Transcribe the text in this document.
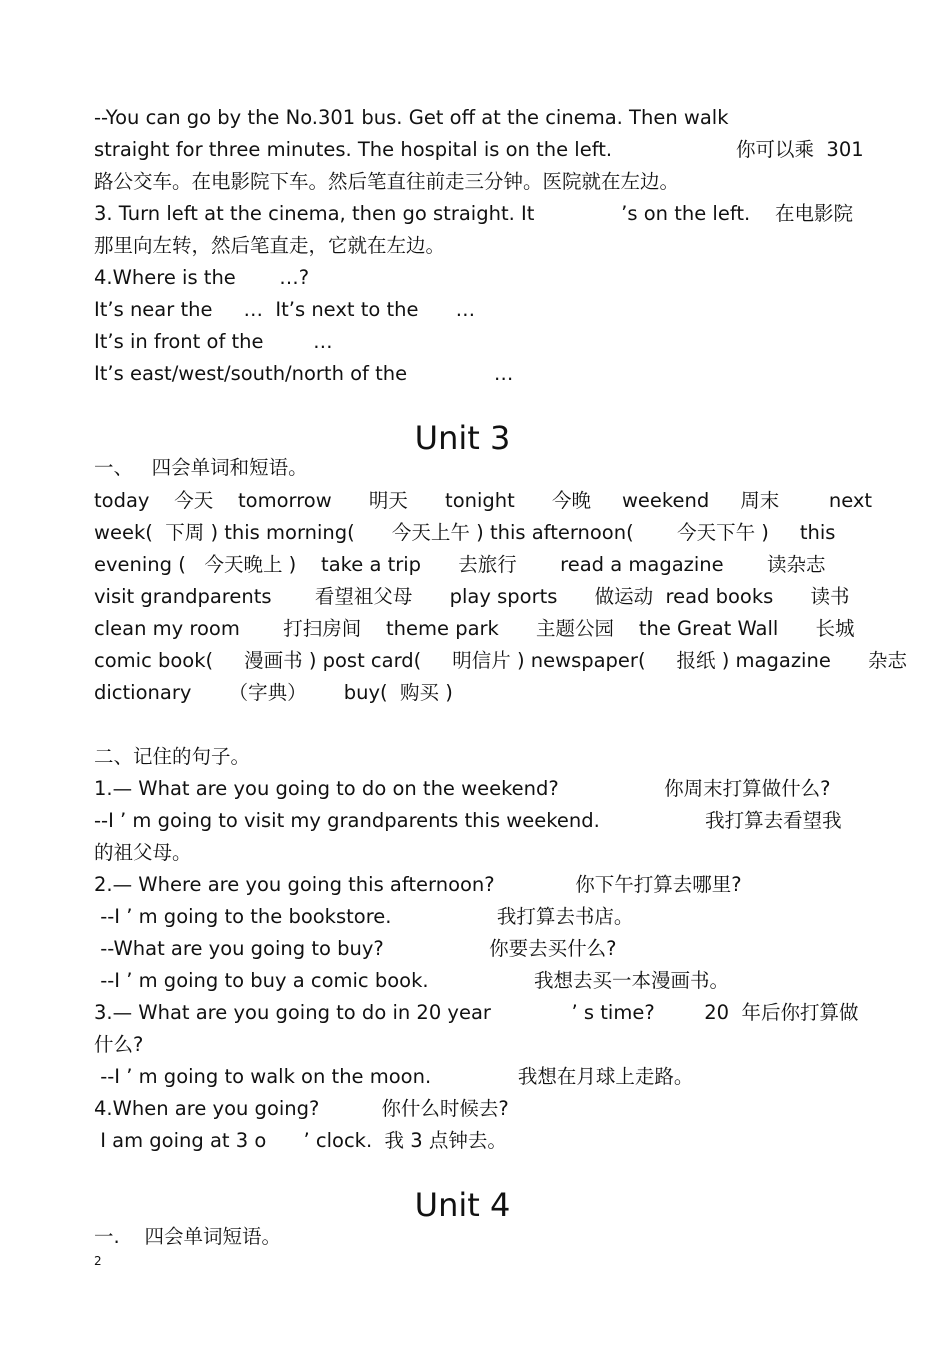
--You can go by the No.301 bus. Get off at the cinema. Then walk
straight for three minutes. The hospital is on the left.                    你可以乘  301
路公交车。在电影院下车。然后笔直往前走三分钟。医院就在左边。
3. Turn left at the cinema, then go straight. It              ’s on the left.    在电影院
那里向左转，然后笔直走，它就在左边。
4.Where is the       …?
It’s near the     …  It’s next to the      …
It’s in front of the        …
It’s east/west/south/north of the              …
Unit 3
一、   四会单词和短语。
today    今天    tomorrow      明天      tonight      今晚     weekend     周末        next
week(  下周 ) this morning(      今天上午 ) this afternoon(       今天下午 )     this
evening (   今天晚上 )    take a trip      去旅行       read a magazine       读杂志
visit grandparents       看望祖父母      play sports      做运动  read books      读书
clean my room       打扫房间    theme park      主题公园    the Great Wall      长城
comic book(     漫画书 ) post card(     明信片 ) newspaper(     报纸 ) magazine      杂志
dictionary      （字典）      buy(  购买 )
二、记住的句子。
1.— What are you going to do on the weekend?                 你周末打算做什么?
--I ’ m going to visit my grandparents this weekend.                 我打算去看望我
的祖父母。
2.— Where are you going this afternoon?             你下午打算去哪里?
--I ’ m going to the bookstore.                 我打算去书店。
--What are you going to buy?                 你要去买什么?
--I ’ m going to buy a comic book.                 我想去买一本漫画书。
3.— What are you going to do in 20 year             ’ s time?        20  年后你打算做
什么?
--I ’ m going to walk on the moon.              我想在月球上走路。
4.When are you going?          你什么时候去?
I am going at 3 o      ’ clock.  我 3 点钟去。
Unit 4
一.    四会单词短语。
2
